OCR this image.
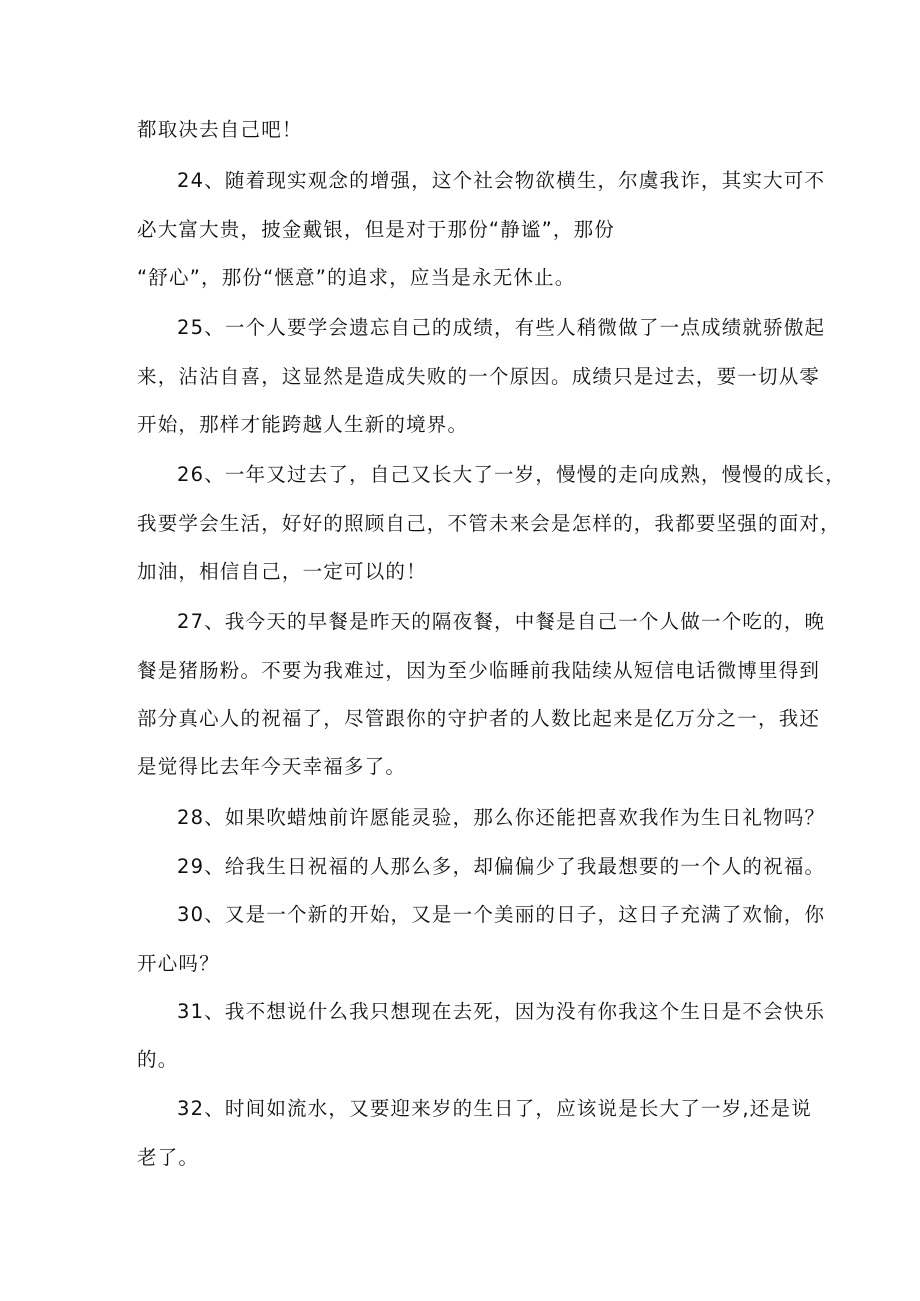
都取决去自己吧！
24、随着现实观念的增强，这个社会物欲横生，尔虞我诈，其实大可不
必大富大贵，披金戴银，但是对于那份“静谧”，那份
“舒心”，那份“惬意”的追求，应当是永无休止。
25、一个人要学会遗忘自己的成绩，有些人稍微做了一点成绩就骄傲起
来，沾沾自喜，这显然是造成失败的一个原因。成绩只是过去，要一切从零
开始，那样才能跨越人生新的境界。
26、一年又过去了，自己又长大了一岁，慢慢的走向成熟，慢慢的成长，
我要学会生活，好好的照顾自己，不管未来会是怎样的，我都要坚强的面对，
加油，相信自己，一定可以的！
27、我今天的早餐是昨天的隔夜餐，中餐是自己一个人做一个吃的，晚
餐是猪肠粉。不要为我难过，因为至少临睡前我陆续从短信电话微博里得到
部分真心人的祝福了，尽管跟你的守护者的人数比起来是亿万分之一，我还
是觉得比去年今天幸福多了。
28、如果吹蜡烛前许愿能灵验，那么你还能把喜欢我作为生日礼物吗？
29、给我生日祝福的人那么多，却偏偏少了我最想要的一个人的祝福。
30、又是一个新的开始，又是一个美丽的日子，这日子充满了欢愉，你
开心吗？
31、我不想说什么我只想现在去死，因为没有你我这个生日是不会快乐
的。
32、时间如流水，又要迎来岁的生日了，应该说是长大了一岁,还是说
老了。
